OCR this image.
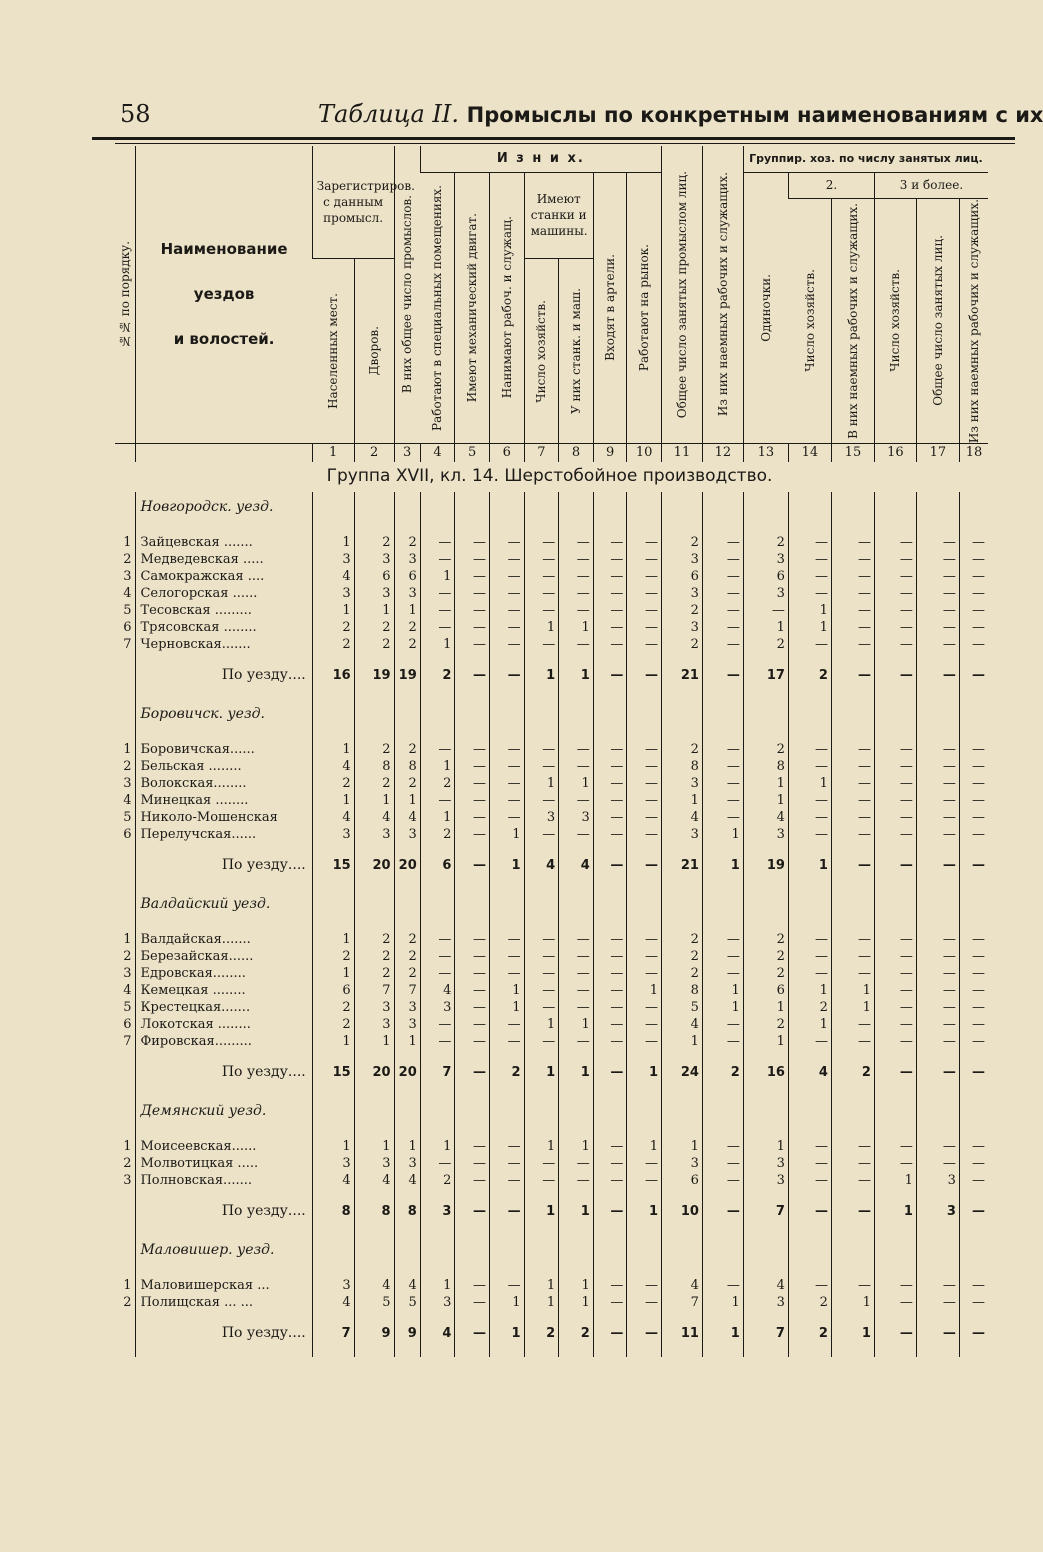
58	Таблица II. Промыслы по конкретным наименованиям с их
№№ по порядку.	Наименование
уездов
и волостей.	Зарегистриров. с данным промысл.		В них общее число промыслов.	И з н и х.							Общее число занятых промыслом лиц.	Из них наемных рабочих и служащих.	Группир. хоз. по числу занятых лиц.					

					Работают в специальных помещениях.	Имеют механический двигат.	Нанимают рабоч. и служащ.	Имеют станки и машины.		Входят в артели.	Работают на рынок.			Одиночки.	2.		3 и более.		

															Число хозяйств.	В них наемных рабочих и служащих.	Число хозяйств.	Общее число занятых лиц.	Из них наемных рабочих и служащих.

		Населенных мест.	Дворов.					Число хозяйств.	У них станк. и маш.										

		1	2	3	4	5	6	7	8	9	10	11	12	13	14	15	16	17	18
Группа XVII, кл. 14. Шерстобойное производство.																			
	Новгородск. уезд.																		

1	Зайцевская .......	1	2	2	—	—	—	—	—	—	—	2	—	2	—	—	—	—	—
2	Медведевская .....	3	3	3	—	—	—	—	—	—	—	3	—	3	—	—	—	—	—
3	Самокражская ....	4	6	6	1	—	—	—	—	—	—	6	—	6	—	—	—	—	—
4	Селогорская ......	3	3	3	—	—	—	—	—	—	—	3	—	3	—	—	—	—	—
5	Тесовская .........	1	1	1	—	—	—	—	—	—	—	2	—	—	1	—	—	—	—
6	Трясовская ........	2	2	2	—	—	—	1	1	—	—	3	—	1	1	—	—	—	—
7	Черновская.......	2	2	2	1	—	—	—	—	—	—	2	—	2	—	—	—	—	—

	По уезду....	16	19	19	2	—	—	1	1	—	—	21	—	17	2	—	—	—	—

	Боровичск. уезд.																		

1	Боровичская......	1	2	2	—	—	—	—	—	—	—	2	—	2	—	—	—	—	—
2	Бельская ........	4	8	8	1	—	—	—	—	—	—	8	—	8	—	—	—	—	—
3	Волокская........	2	2	2	2	—	—	1	1	—	—	3	—	1	1	—	—	—	—
4	Минецкая ........	1	1	1	—	—	—	—	—	—	—	1	—	1	—	—	—	—	—
5	Николо-Мошенская	4	4	4	1	—	—	3	3	—	—	4	—	4	—	—	—	—	—
6	Перелучская......	3	3	3	2	—	1	—	—	—	—	3	1	3	—	—	—	—	—

	По уезду....	15	20	20	6	—	1	4	4	—	—	21	1	19	1	—	—	—	—

	Валдайский уезд.																		

1	Валдайская.......	1	2	2	—	—	—	—	—	—	—	2	—	2	—	—	—	—	—
2	Березайская......	2	2	2	—	—	—	—	—	—	—	2	—	2	—	—	—	—	—
3	Едровская........	1	2	2	—	—	—	—	—	—	—	2	—	2	—	—	—	—	—
4	Кемецкая ........	6	7	7	4	—	1	—	—	—	1	8	1	6	1	1	—	—	—
5	Крестецкая.......	2	3	3	3	—	1	—	—	—	—	5	1	1	2	1	—	—	—
6	Локотская ........	2	3	3	—	—	—	1	1	—	—	4	—	2	1	—	—	—	—
7	Фировская.........	1	1	1	—	—	—	—	—	—	—	1	—	1	—	—	—	—	—

	По уезду....	15	20	20	7	—	2	1	1	—	1	24	2	16	4	2	—	—	—

	Демянский уезд.																		

1	Моисеевская......	1	1	1	1	—	—	1	1	—	1	1	—	1	—	—	—	—	—
2	Молвотицкая .....	3	3	3	—	—	—	—	—	—	—	3	—	3	—	—	—	—	—
3	Полновская.......	4	4	4	2	—	—	—	—	—	—	6	—	3	—	—	1	3	—

	По уезду....	8	8	8	3	—	—	1	1	—	1	10	—	7	—	—	1	3	—

	Маловишер. уезд.																		

1	Маловишерская ...	3	4	4	1	—	—	1	1	—	—	4	—	4	—	—	—	—	—
2	Полищская ... ...	4	5	5	3	—	1	1	1	—	—	7	1	3	2	1	—	—	—

	По уезду....	7	9	9	4	—	1	2	2	—	—	11	1	7	2	1	—	—	—
